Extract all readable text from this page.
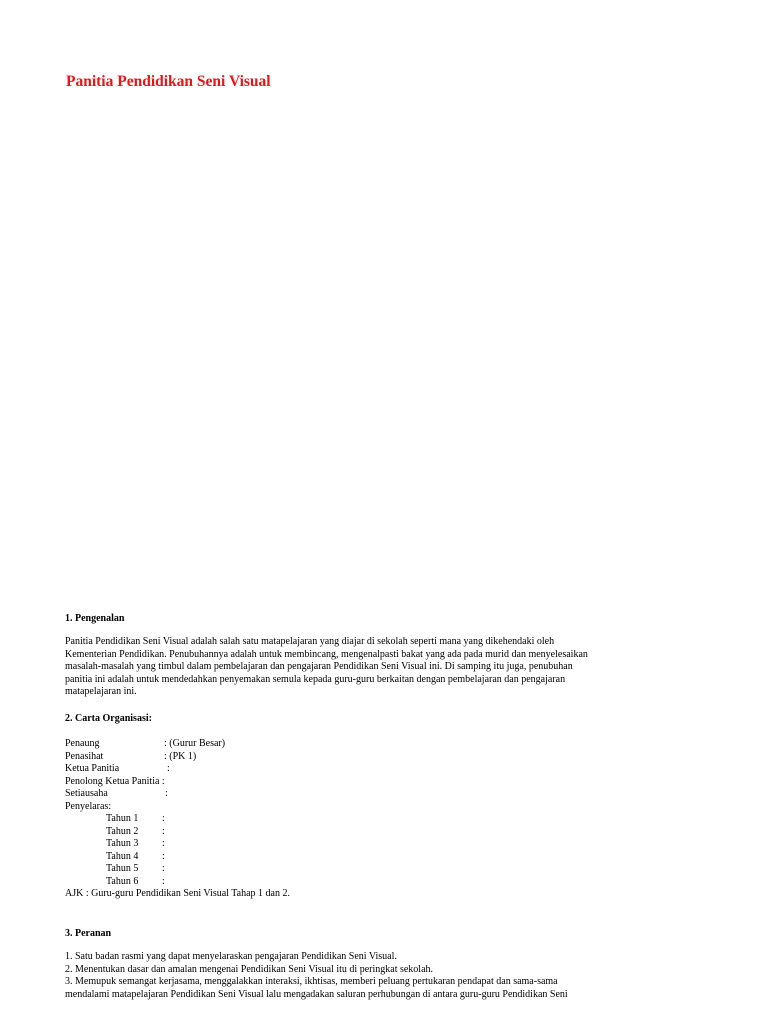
Panitia Pendidikan Seni Visual
1. Pengenalan
Panitia Pendidikan Seni Visual adalah salah satu matapelajaran yang diajar di sekolah seperti mana yang dikehendaki oleh
Kementerian Pendidikan. Penubuhannya adalah untuk membincang, mengenalpasti bakat yang ada pada murid dan menyelesaikan
masalah-masalah yang timbul dalam pembelajaran dan pengajaran Pendidikan Seni Visual ini. Di samping itu juga, penubuhan
panitia ini adalah untuk mendedahkan penyemakan semula kepada guru-guru berkaitan dengan pembelajaran dan pengajaran
matapelajaran ini.
2. Carta Organisasi:
Penaung	: (Gurur Besar)
Penasihat	: (PK 1)
Ketua Panitia	:
Penolong Ketua Panitia :
Setiausaha	:
Penyelaras:
Tahun 1 :
Tahun 2 :
Tahun 3 :
Tahun 4 :
Tahun 5 :
Tahun 6 :
AJK : Guru-guru Pendidikan Seni Visual Tahap 1 dan 2.
3. Peranan
1. Satu badan rasmi yang dapat menyelaraskan pengajaran Pendidikan Seni Visual.
2. Menentukan dasar dan amalan mengenai Pendidikan Seni Visual itu di peringkat sekolah.
3. Memupuk semangat kerjasama, menggalakkan interaksi, ikhtisas, memberi peluang pertukaran pendapat dan sama-sama
mendalami matapelajaran Pendidikan Seni Visual lalu mengadakan saluran perhubungan di antara guru-guru Pendidikan Seni
